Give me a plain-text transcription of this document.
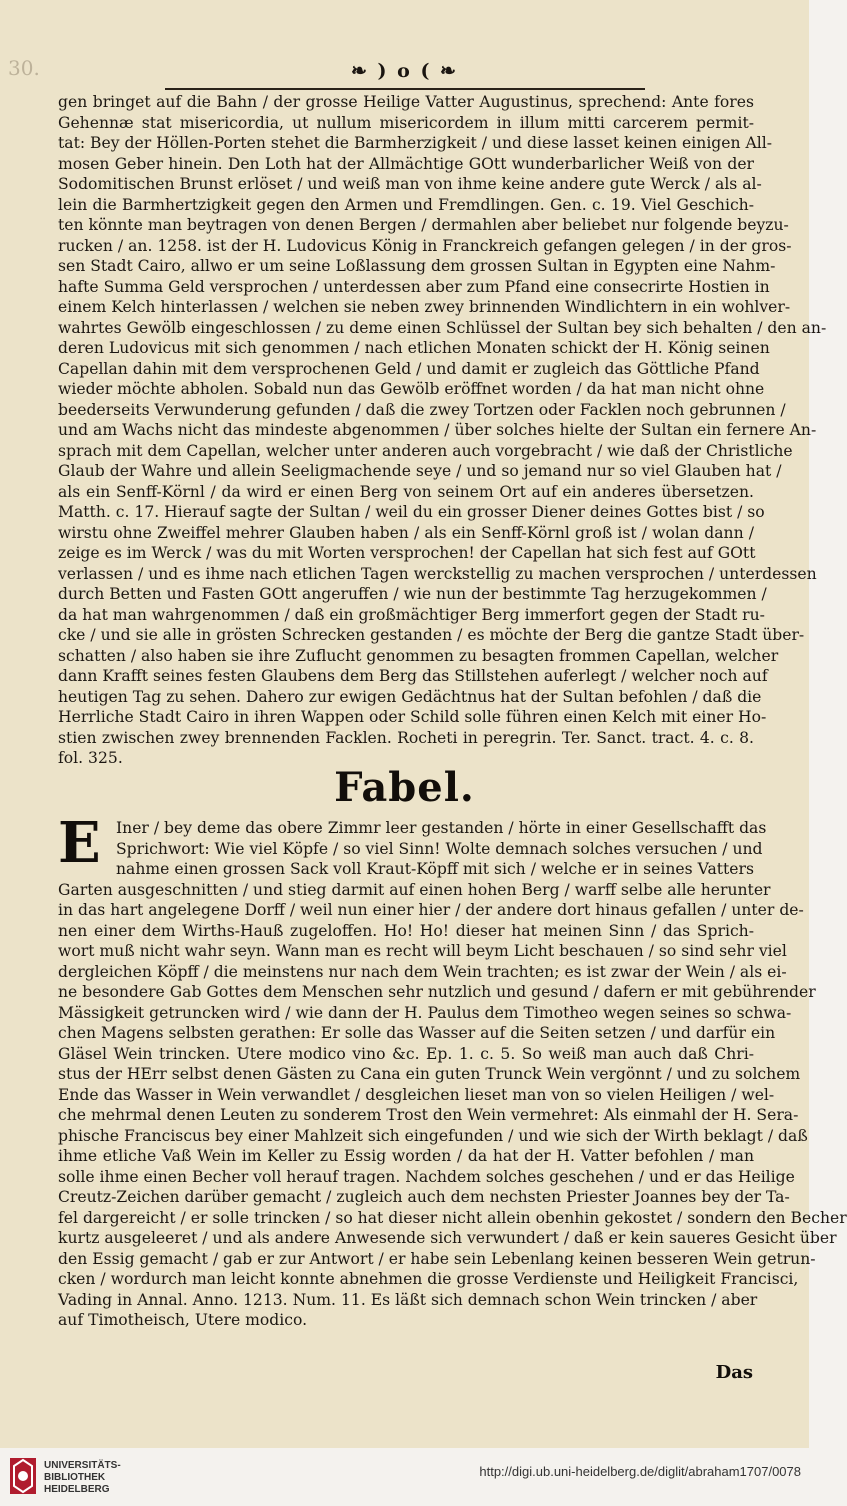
30.	❧ ) o ( ❧
gen bringet auf die Bahn / der grosse Heilige Vatter Augustinus, sprechend: Ante fores
Gehennæ stat misericordia, ut nullum misericordem in illum mitti carcerem permit-
tat: Bey der Höllen-Porten stehet die Barmherzigkeit / und diese lasset keinen einigen All-
mosen Geber hinein. Den Loth hat der Allmächtige GOtt wunderbarlicher Weiß von der
Sodomitischen Brunst erlöset / und weiß man von ihme keine andere gute Werck / als al-
lein die Barmhertzigkeit gegen den Armen und Fremdlingen. Gen. c. 19. Viel Geschich-
ten könnte man beytragen von denen Bergen / dermahlen aber beliebet nur folgende beyzu-
rucken / an. 1258. ist der H. Ludovicus König in Franckreich gefangen gelegen / in der gros-
sen Stadt Cairo, allwo er um seine Loßlassung dem grossen Sultan in Egypten eine Nahm-
hafte Summa Geld versprochen / unterdessen aber zum Pfand eine consecrirte Hostien in
einem Kelch hinterlassen / welchen sie neben zwey brinnenden Windlichtern in ein wohlver-
wahrtes Gewölb eingeschlossen / zu deme einen Schlüssel der Sultan bey sich behalten / den an-
deren Ludovicus mit sich genommen / nach etlichen Monaten schickt der H. König seinen
Capellan dahin mit dem versprochenen Geld / und damit er zugleich das Göttliche Pfand
wieder möchte abholen. Sobald nun das Gewölb eröffnet worden / da hat man nicht ohne
beederseits Verwunderung gefunden / daß die zwey Tortzen oder Facklen noch gebrunnen /
und am Wachs nicht das mindeste abgenommen / über solches hielte der Sultan ein fernere An-
sprach mit dem Capellan, welcher unter anderen auch vorgebracht / wie daß der Christliche
Glaub der Wahre und allein Seeligmachende seye / und so jemand nur so viel Glauben hat /
als ein Senff-Körnl / da wird er einen Berg von seinem Ort auf ein anderes übersetzen.
Matth. c. 17. Hierauf sagte der Sultan / weil du ein grosser Diener deines Gottes bist / so
wirstu ohne Zweiffel mehrer Glauben haben / als ein Senff-Körnl groß ist / wolan dann /
zeige es im Werck / was du mit Worten versprochen! der Capellan hat sich fest auf GOtt
verlassen / und es ihme nach etlichen Tagen werckstellig zu machen versprochen / unterdessen
durch Betten und Fasten GOtt angeruffen / wie nun der bestimmte Tag herzugekommen /
da hat man wahrgenommen / daß ein großmächtiger Berg immerfort gegen der Stadt ru-
cke / und sie alle in grösten Schrecken gestanden / es möchte der Berg die gantze Stadt über-
schatten / also haben sie ihre Zuflucht genommen zu besagten frommen Capellan, welcher
dann Krafft seines festen Glaubens dem Berg das Stillstehen auferlegt / welcher noch auf
heutigen Tag zu sehen. Dahero zur ewigen Gedächtnus hat der Sultan befohlen / daß die
Herrliche Stadt Cairo in ihren Wappen oder Schild solle führen einen Kelch mit einer Ho-
stien zwischen zwey brennenden Facklen. Rocheti in peregrin. Ter. Sanct. tract. 4. c. 8.
fol. 325.
Fabel.
E Iner / bey deme das obere Zimmr leer gestanden / hörte in einer Gesellschafft das
Sprichwort: Wie viel Köpfe / so viel Sinn! Wolte demnach solches versuchen / und
nahme einen grossen Sack voll Kraut-Köpff mit sich / welche er in seines Vatters
Garten ausgeschnitten / und stieg darmit auf einen hohen Berg / warff selbe alle herunter
in das hart angelegene Dorff / weil nun einer hier / der andere dort hinaus gefallen / unter de-
nen einer dem Wirths-Hauß zugeloffen. Ho! Ho! dieser hat meinen Sinn / das Sprich-
wort muß nicht wahr seyn. Wann man es recht will beym Licht beschauen / so sind sehr viel
dergleichen Köpff / die meinstens nur nach dem Wein trachten; es ist zwar der Wein / als ei-
ne besondere Gab Gottes dem Menschen sehr nutzlich und gesund / dafern er mit gebührender
Mässigkeit getruncken wird / wie dann der H. Paulus dem Timotheo wegen seines so schwa-
chen Magens selbsten gerathen: Er solle das Wasser auf die Seiten setzen / und darfür ein
Gläsel Wein trincken. Utere modico vino &c. Ep. 1. c. 5. So weiß man auch daß Chri-
stus der HErr selbst denen Gästen zu Cana ein guten Trunck Wein vergönnt / und zu solchem
Ende das Wasser in Wein verwandlet / desgleichen lieset man von so vielen Heiligen / wel-
che mehrmal denen Leuten zu sonderem Trost den Wein vermehret: Als einmahl der H. Sera-
phische Franciscus bey einer Mahlzeit sich eingefunden / und wie sich der Wirth beklagt / daß
ihme etliche Vaß Wein im Keller zu Essig worden / da hat der H. Vatter befohlen / man
solle ihme einen Becher voll herauf tragen. Nachdem solches geschehen / und er das Heilige
Creutz-Zeichen darüber gemacht / zugleich auch dem nechsten Priester Joannes bey der Ta-
fel dargereicht / er solle trincken / so hat dieser nicht allein obenhin gekostet / sondern den Becher
kurtz ausgeleeret / und als andere Anwesende sich verwundert / daß er kein saueres Gesicht über
den Essig gemacht / gab er zur Antwort / er habe sein Lebenlang keinen besseren Wein getrun-
cken / wordurch man leicht konnte abnehmen die grosse Verdienste und Heiligkeit Francisci,
Vading in Annal. Anno. 1213. Num. 11. Es läßt sich demnach schon Wein trincken / aber
auf Timotheisch, Utere modico.
Das
UNIVERSITÄTS-
BIBLIOTHEK
HEIDELBERG
http://digi.ub.uni-heidelberg.de/diglit/abraham1707/0078
